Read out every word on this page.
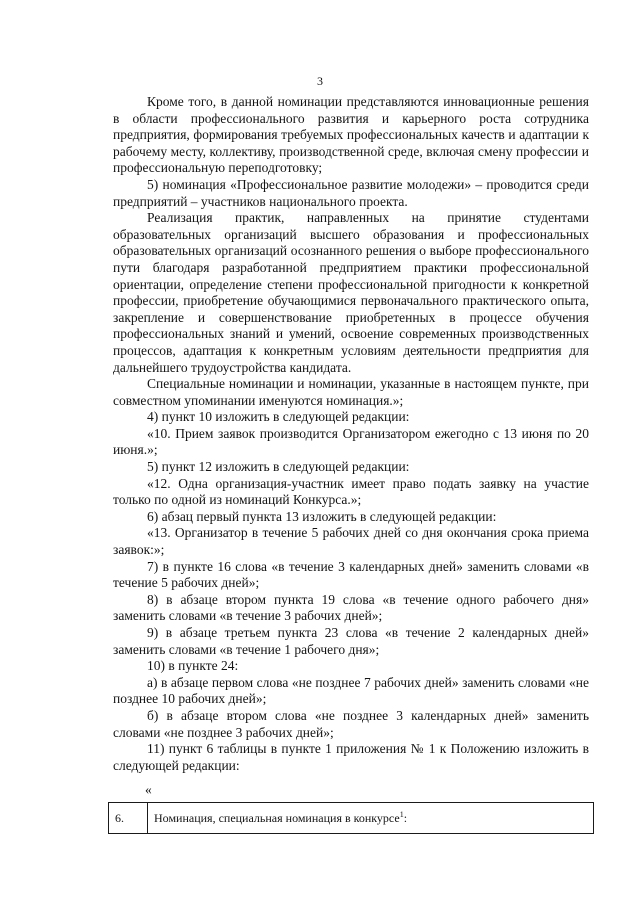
3

Кроме того, в данной номинации представляются инновационные решения в области профессионального развития и карьерного роста сотрудника предприятия, формирования требуемых профессиональных качеств и адаптации к рабочему месту, коллективу, производственной среде, включая смену профессии и профессиональную переподготовку;

5) номинация «Профессиональное развитие молодежи» – проводится среди предприятий – участников национального проекта.

Реализация практик, направленных на принятие студентами образовательных организаций высшего образования и профессиональных образовательных организаций осознанного решения о выборе профессионального пути благодаря разработанной предприятием практики профессиональной ориентации, определение степени профессиональной пригодности к конкретной профессии, приобретение обучающимися первоначального практического опыта, закрепление и совершенствование приобретенных в процессе обучения профессиональных знаний и умений, освоение современных производственных процессов, адаптация к конкретным условиям деятельности предприятия для дальнейшего трудоустройства кандидата.

Специальные номинации и номинации, указанные в настоящем пункте, при совместном упоминании именуются номинация.»;

4) пункт 10 изложить в следующей редакции:

«10. Прием заявок производится Организатором ежегодно с 13 июня по 20 июня.»;

5) пункт 12 изложить в следующей редакции:

«12. Одна организация-участник имеет право подать заявку на участие только по одной из номинаций Конкурса.»;

6) абзац первый пункта 13 изложить в следующей редакции:

«13. Организатор в течение 5 рабочих дней со дня окончания срока приема заявок:»;

7) в пункте 16 слова «в течение 3 календарных дней» заменить словами «в течение 5 рабочих дней»;

8) в абзаце втором пункта 19 слова «в течение одного рабочего дня» заменить словами «в течение 3 рабочих дней»;

9) в абзаце третьем пункта 23 слова «в течение 2 календарных дней» заменить словами «в течение 1 рабочего дня»;

10) в пункте 24:

а) в абзаце первом слова «не позднее 7 рабочих дней» заменить словами «не позднее 10 рабочих дней»;

б) в абзаце втором слова «не позднее 3 календарных дней» заменить словами «не позднее 3 рабочих дней»;

11) пункт 6 таблицы в пункте 1 приложения № 1 к Положению изложить в следующей редакции:

«
6.	Номинация, специальная номинация в конкурсе$^1$:
